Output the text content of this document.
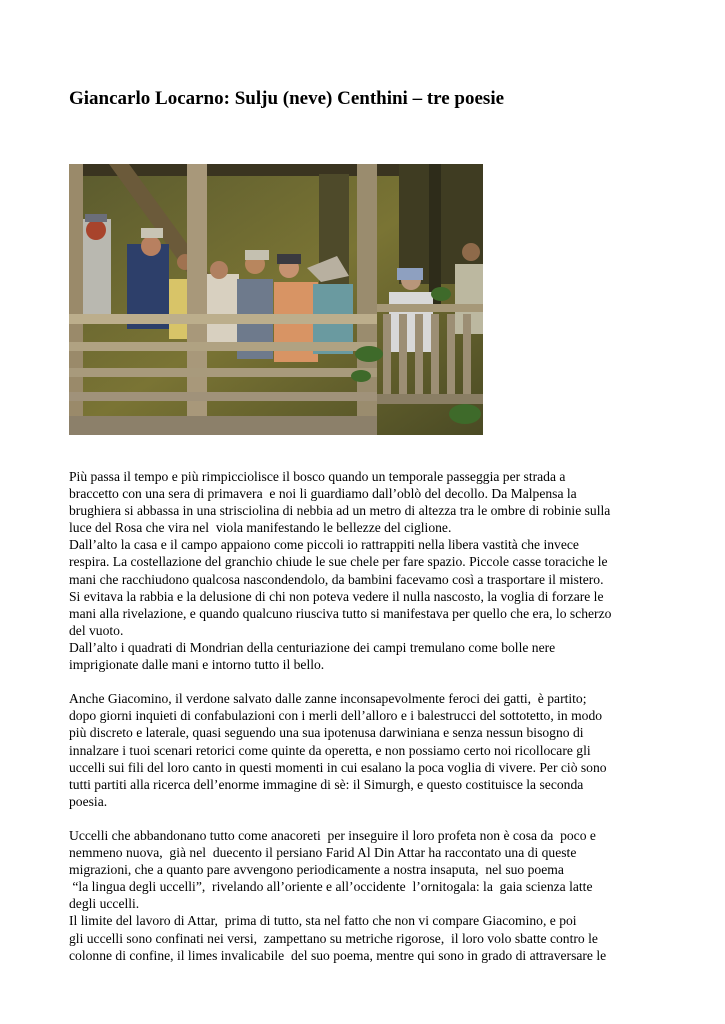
Giancarlo Locarno: Sulju (neve) Centhini – tre poesie
Più passa il tempo e più rimpicciolisce il bosco quando un temporale passeggia per strada a
braccetto con una sera di primavera  e noi li guardiamo dall’oblò del decollo. Da Malpensa la
brughiera si abbassa in una strisciolina di nebbia ad un metro di altezza tra le ombre di robinie sulla
luce del Rosa che vira nel  viola manifestando le bellezze del ciglione.
Dall’alto la casa e il campo appaiono come piccoli io rattrappiti nella libera vastità che invece
respira. La costellazione del granchio chiude le sue chele per fare spazio. Piccole casse toraciche le
mani che racchiudono qualcosa nascondendolo, da bambini facevamo così a trasportare il mistero.
Si evitava la rabbia e la delusione di chi non poteva vedere il nulla nascosto, la voglia di forzare le
mani alla rivelazione, e quando qualcuno riusciva tutto si manifestava per quello che era, lo scherzo
del vuoto.
Dall’alto i quadrati di Mondrian della centuriazione dei campi tremulano come bolle nere
imprigionate dalle mani e intorno tutto il bello.
Anche Giacomino, il verdone salvato dalle zanne inconsapevolmente feroci dei gatti,  è partito;
dopo giorni inquieti di confabulazioni con i merli dell’alloro e i balestrucci del sottotetto, in modo
più discreto e laterale, quasi seguendo una sua ipotenusa darwiniana e senza nessun bisogno di
innalzare i tuoi scenari retorici come quinte da operetta, e non possiamo certo noi ricollocare gli
uccelli sui fili del loro canto in questi momenti in cui esalano la poca voglia di vivere. Per ciò sono
tutti partiti alla ricerca dell’enorme immagine di sè: il Simurgh, e questo costituisce la seconda
poesia.
Uccelli che abbandonano tutto come anacoreti  per inseguire il loro profeta non è cosa da  poco e
nemmeno nuova,  già nel  duecento il persiano Farid Al Din Attar ha raccontato una di queste
migrazioni, che a quanto pare avvengono periodicamente a nostra insaputa,  nel suo poema
“la lingua degli uccelli”,  rivelando all’oriente e all’occidente  l’ornitogala: la  gaia scienza latte
degli uccelli.
Il limite del lavoro di Attar,  prima di tutto, sta nel fatto che non vi compare Giacomino, e poi
gli uccelli sono confinati nei versi,  zampettano su metriche rigorose,  il loro volo sbatte contro le
colonne di confine, il limes invalicabile  del suo poema, mentre qui sono in grado di attraversare le
